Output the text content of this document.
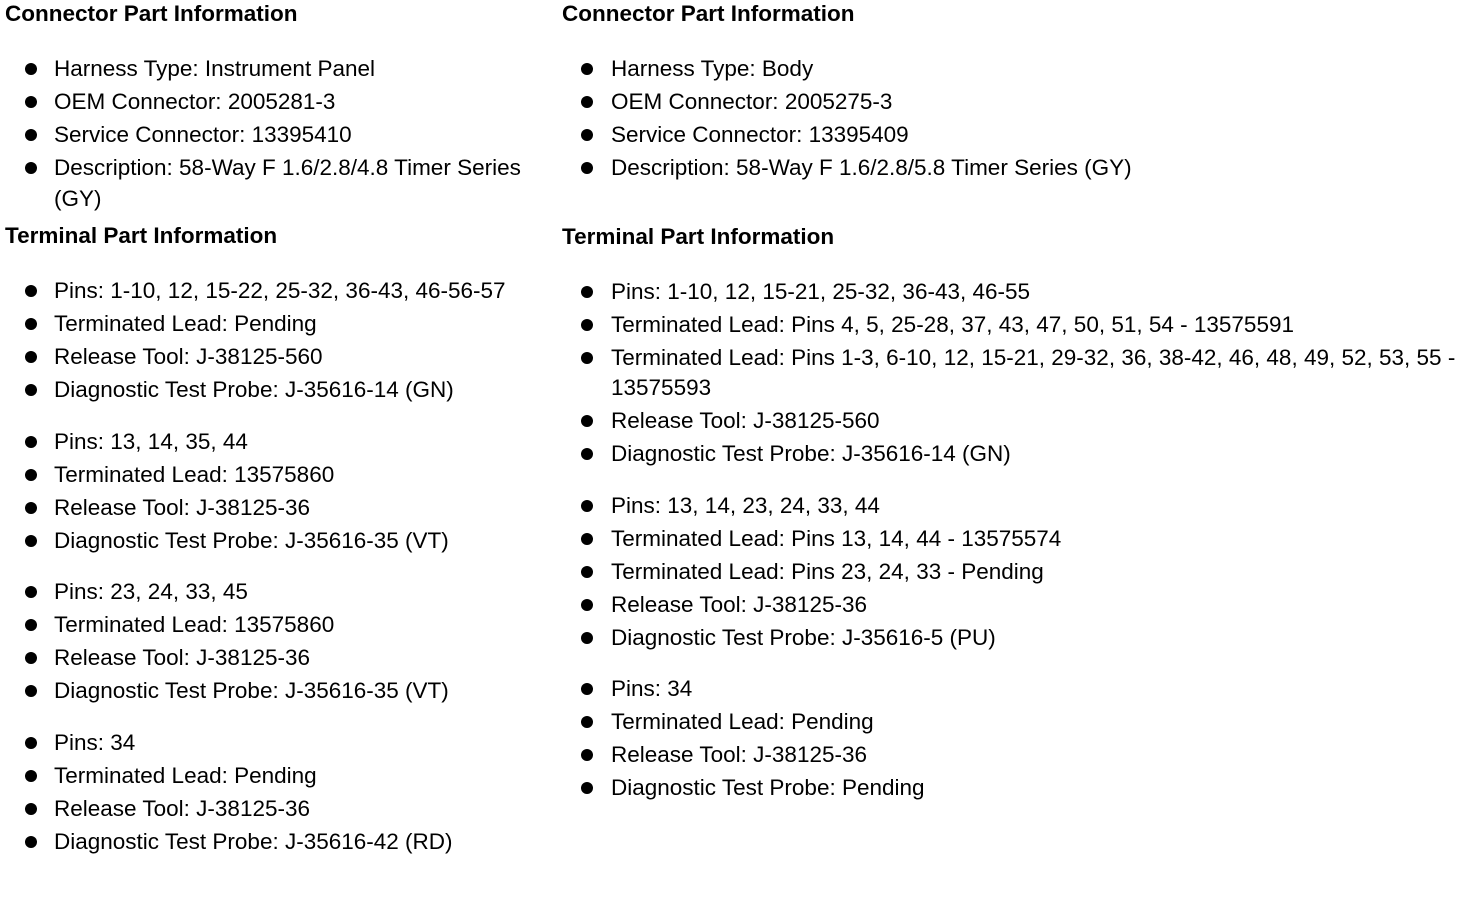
Connector Part Information
Harness Type: Instrument Panel
OEM Connector: 2005281-3
Service Connector: 13395410
Description: 58-Way F 1.6/2.8/4.8 Timer Series (GY)
Terminal Part Information
Pins: 1-10, 12, 15-22, 25-32, 36-43, 46-56-57
Terminated Lead: Pending
Release Tool: J-38125-560
Diagnostic Test Probe: J-35616-14 (GN)
Pins: 13, 14, 35, 44
Terminated Lead: 13575860
Release Tool: J-38125-36
Diagnostic Test Probe: J-35616-35 (VT)
Pins: 23, 24, 33, 45
Terminated Lead: 13575860
Release Tool: J-38125-36
Diagnostic Test Probe: J-35616-35 (VT)
Pins: 34
Terminated Lead: Pending
Release Tool: J-38125-36
Diagnostic Test Probe: J-35616-42 (RD)
Connector Part Information
Harness Type: Body
OEM Connector: 2005275-3
Service Connector: 13395409
Description: 58-Way F 1.6/2.8/5.8 Timer Series (GY)
Terminal Part Information
Pins: 1-10, 12, 15-21, 25-32, 36-43, 46-55
Terminated Lead: Pins 4, 5, 25-28, 37, 43, 47, 50, 51, 54 - 13575591
Terminated Lead: Pins 1-3, 6-10, 12, 15-21, 29-32, 36, 38-42, 46, 48, 49, 52, 53, 55 - 13575593
Release Tool: J-38125-560
Diagnostic Test Probe: J-35616-14 (GN)
Pins: 13, 14, 23, 24, 33, 44
Terminated Lead: Pins 13, 14, 44 - 13575574
Terminated Lead: Pins 23, 24, 33 - Pending
Release Tool: J-38125-36
Diagnostic Test Probe: J-35616-5 (PU)
Pins: 34
Terminated Lead: Pending
Release Tool: J-38125-36
Diagnostic Test Probe: Pending
